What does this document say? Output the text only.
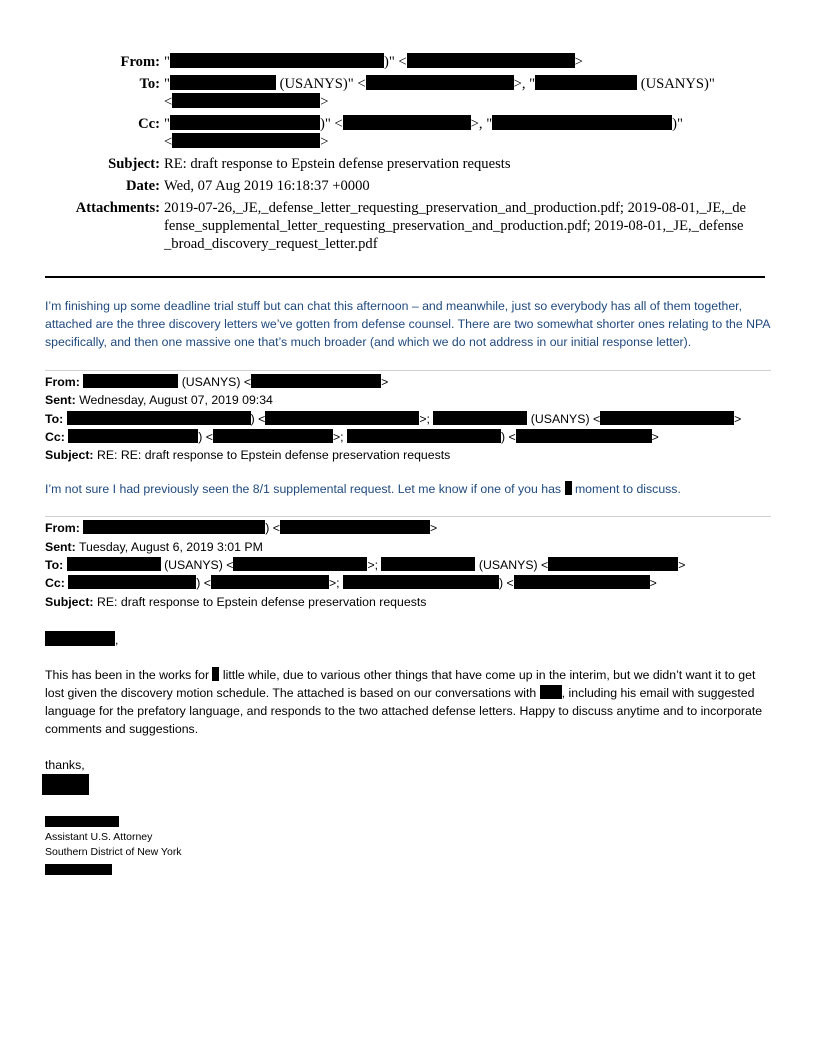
From: "	)" <	>
To: "	(USANYS)" <	>, "	(USANYS)"
<	>
Cc: "	)" <	>, "	)"
<	>
Subject: RE: draft response to Epstein defense preservation requests
Date: Wed, 07 Aug 2019 16:18:37 +0000
Attachments: 2019-07-26,_JE,_defense_letter_requesting_preservation_and_production.pdf; 2019-08-01,_JE,_defense_supplemental_letter_requesting_preservation_and_production.pdf; 2019-08-01,_JE,_defense_broad_discovery_request_letter.pdf

I’m finishing up some deadline trial stuff but can chat this afternoon – and meanwhile, just so everybody has all of them together, attached are the three discovery letters we’ve gotten from defense counsel. There are two somewhat shorter ones relating to the NPA specifically, and then one massive one that’s much broader (and which we do not address in our initial response letter).

From:	(USANYS) <	>
Sent: Wednesday, August 07, 2019 09:34
To:	) <	>;	(USANYS) <	>
Cc:	) <	>;	) <	>
Subject: RE: RE: draft response to Epstein defense preservation requests

I’m not sure I had previously seen the 8/1 supplemental request. Let me know if one of you has moment to discuss.

From:	) <	>
Sent: Tuesday, August 6, 2019 3:01 PM
To:	(USANYS) <	>;	(USANYS) <	>
Cc:	) <	>;	) <	>
Subject: RE: draft response to Epstein defense preservation requests
,

This has been in the works for little while, due to various other things that have come up in the interim, but we didn’t want it to get lost given the discovery motion schedule. The attached is based on our conversations with , including his email with suggested language for the prefatory language, and responds to the two attached defense letters. Happy to discuss anytime and to incorporate comments and suggestions.

thanks,
Assistant U.S. Attorney
Southern District of New York
